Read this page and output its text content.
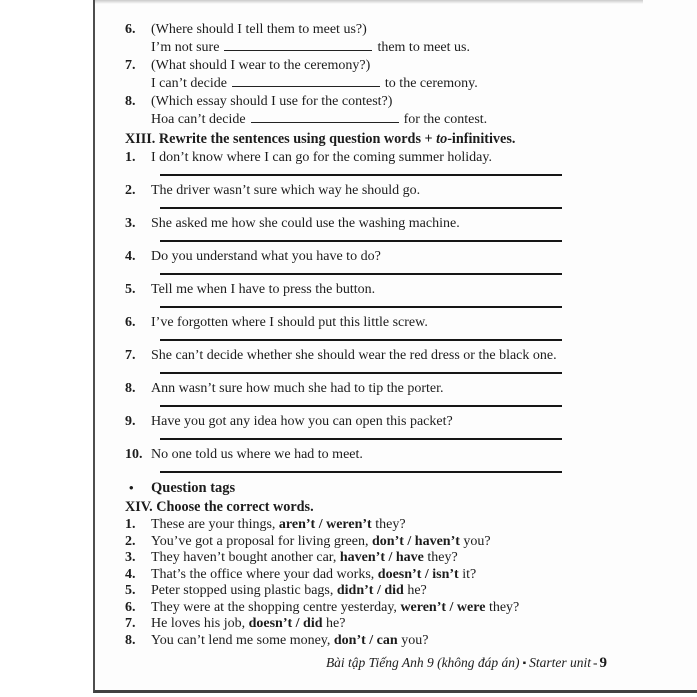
6. (Where should I tell them to meet us?)
I’m not sure	them to meet us.
7. (What should I wear to the ceremony?)
I can’t decide	to the ceremony.
8. (Which essay should I use for the contest?)
Hoa can’t decide	for the contest.
XIII. Rewrite the sentences using question words + to-infinitives.
1. I don’t know where I can go for the coming summer holiday.
2. The driver wasn’t sure which way he should go.
3. She asked me how she could use the washing machine.
4. Do you understand what you have to do?
5. Tell me when I have to press the button.
6. I’ve forgotten where I should put this little screw.
7. She can’t decide whether she should wear the red dress or the black one.
8. Ann wasn’t sure how much she had to tip the porter.
9. Have you got any idea how you can open this packet?
10. No one told us where we had to meet.
• Question tags
XIV. Choose the correct words.
1. These are your things, aren’t / weren’t they?
2. You’ve got a proposal for living green, don’t / haven’t you?
3. They haven’t bought another car, haven’t / have they?
4. That’s the office where your dad works, doesn’t / isn’t it?
5. Peter stopped using plastic bags, didn’t / did he?
6. They were at the shopping centre yesterday, weren’t / were they?
7. He loves his job, doesn’t / did he?
8. You can’t lend me some money, don’t / can you?
Bài tập Tiếng Anh 9 (không đáp án) ▪ Starter unit - 9
